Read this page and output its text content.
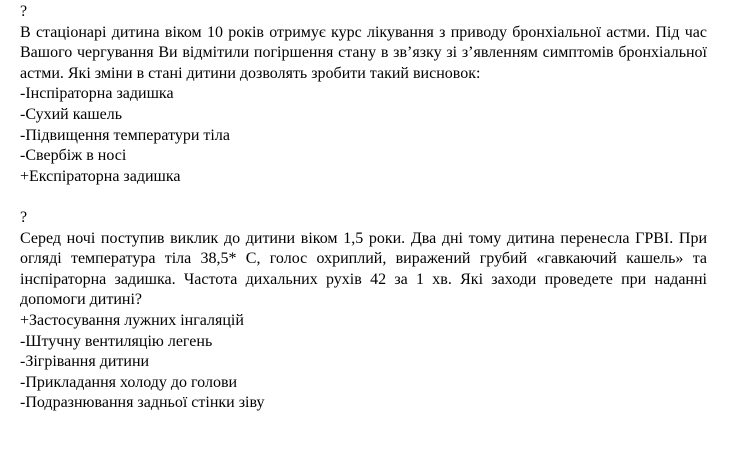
?
В стаціонарі дитина віком 10 років отримує курс лікування з приводу бронхіальної астми. Під час Вашого чергування Ви відмітили погіршення стану в зв’язку зі з’явленням симптомів бронхіальної астми. Які зміни в стані дитини дозволять зробити такий висновок:
-Інспіраторна задишка
-Сухий кашель
-Підвищення температури тіла
-Свербіж в носі
+Експіраторна задишка
?
Серед ночі поступив виклик до дитини віком 1,5 роки. Два дні тому дитина перенесла ГРВІ. При огляді температура тіла 38,5* С, голос охриплий, виражений грубий «гавкаючий кашель» та інспіраторна задишка. Частота дихальних рухів 42 за 1 хв. Які заходи проведете при наданні допомоги дитині?
+Застосування лужних інгаляцій
-Штучну вентиляцію легень
-Зігрівання дитини
-Прикладання холоду до голови
-Подразнювання задньої стінки зіву
